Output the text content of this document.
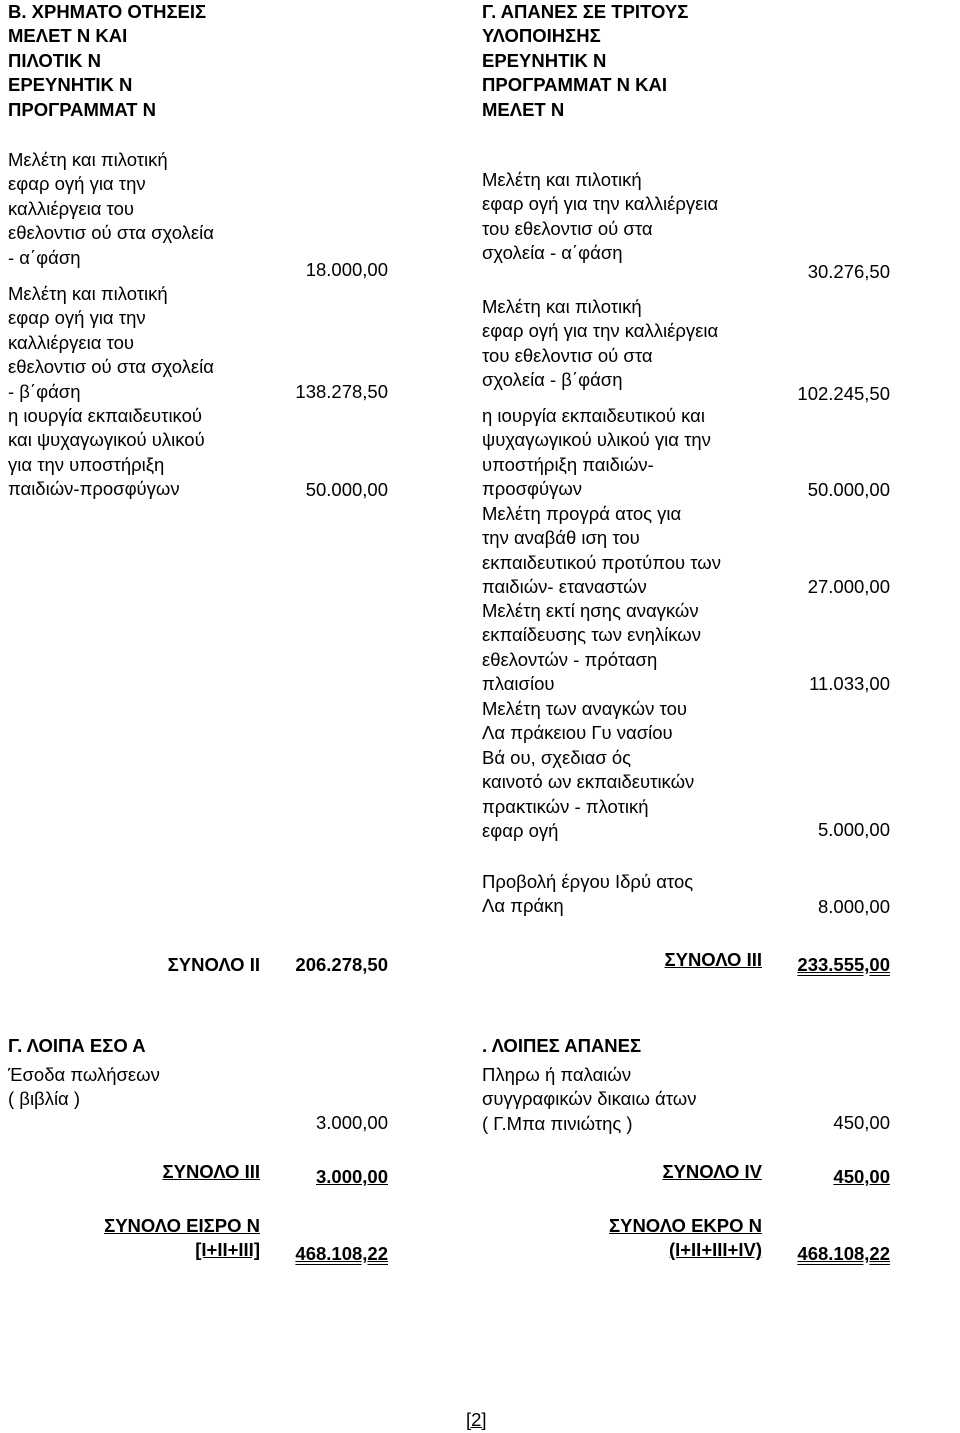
Β. ΧΡΗΜΑΤΟ ΟΤΗΣΕΙΣ
ΜΕΛΕΤ Ν ΚΑΙ
ΠΙΛΟΤΙΚ Ν
ΕΡΕΥΝΗΤΙΚ Ν
ΠΡΟΓΡΑΜΜΑΤ Ν
Μελέτη και πιλοτική
εφαρ ογή για την
καλλιέργεια του
εθελοντισ ού στα σχολεία
- α΄φάση
18.000,00
Μελέτη και πιλοτική
εφαρ ογή για την
καλλιέργεια του
εθελοντισ ού στα σχολεία
- β΄φάση	138.278,50
η ιουργία εκπαιδευτικού
και ψυχαγωγικού υλικού
για την υποστήριξη
παιδιών-προσφύγων	50.000,00
ΣΥΝΟΛΟ ΙΙ	206.278,50
Γ. ΑΠΑΝΕΣ ΣΕ ΤΡΙΤΟΥΣ
ΥΛΟΠΟΙΗΣΗΣ
ΕΡΕΥΝΗΤΙΚ Ν
ΠΡΟΓΡΑΜΜΑΤ Ν ΚΑΙ
ΜΕΛΕΤ Ν
Μελέτη και πιλοτική
εφαρ ογή για την καλλιέργεια
του εθελοντισ ού στα
σχολεία - α΄φάση
30.276,50
Μελέτη και πιλοτική
εφαρ ογή για την καλλιέργεια
του εθελοντισ ού στα
σχολεία - β΄φάση
102.245,50
η ιουργία εκπαιδευτικού και
ψυχαγωγικού υλικού για την
υποστήριξη παιδιών-
προσφύγων	50.000,00
Μελέτη προγρά ατος για
την αναβάθ ιση του
εκπαιδευτικού προτύπου των
παιδιών- εταναστών	27.000,00
Μελέτη εκτί ησης αναγκών
εκπαίδευσης των ενηλίκων
εθελοντών - πρόταση
πλαισίου	11.033,00
Μελέτη των αναγκών του
Λα πράκειου Γυ νασίου
Βά ου, σχεδιασ ός
καινοτό ων εκπαιδευτικών
πρακτικών - πλοτική
εφαρ ογή	5.000,00
Προβολή έργου Ιδρύ ατος
Λα πράκη	8.000,00
ΣΥΝΟΛΟ ΙΙΙ	233.555,00
Γ. ΛΟΙΠΑ ΕΣΟ Α
Έσοδα πωλήσεων
( βιβλία )
3.000,00
ΣΥΝΟΛΟ ΙΙΙ	3.000,00
. ΛΟΙΠΕΣ ΑΠΑΝΕΣ
Πληρω ή παλαιών
συγγραφικών δικαιω άτων
( Γ.Μπα πινιώτης )	450,00
ΣΥΝΟΛΟ ΙV	450,00
ΣΥΝΟΛΟ ΕΙΣΡΟ Ν
[Ι+ΙΙ+ΙΙΙ]	468.108,22
ΣΥΝΟΛΟ ΕΚΡΟ Ν
(Ι+ΙΙ+ΙΙΙ+ΙV)	468.108,22
[2]
